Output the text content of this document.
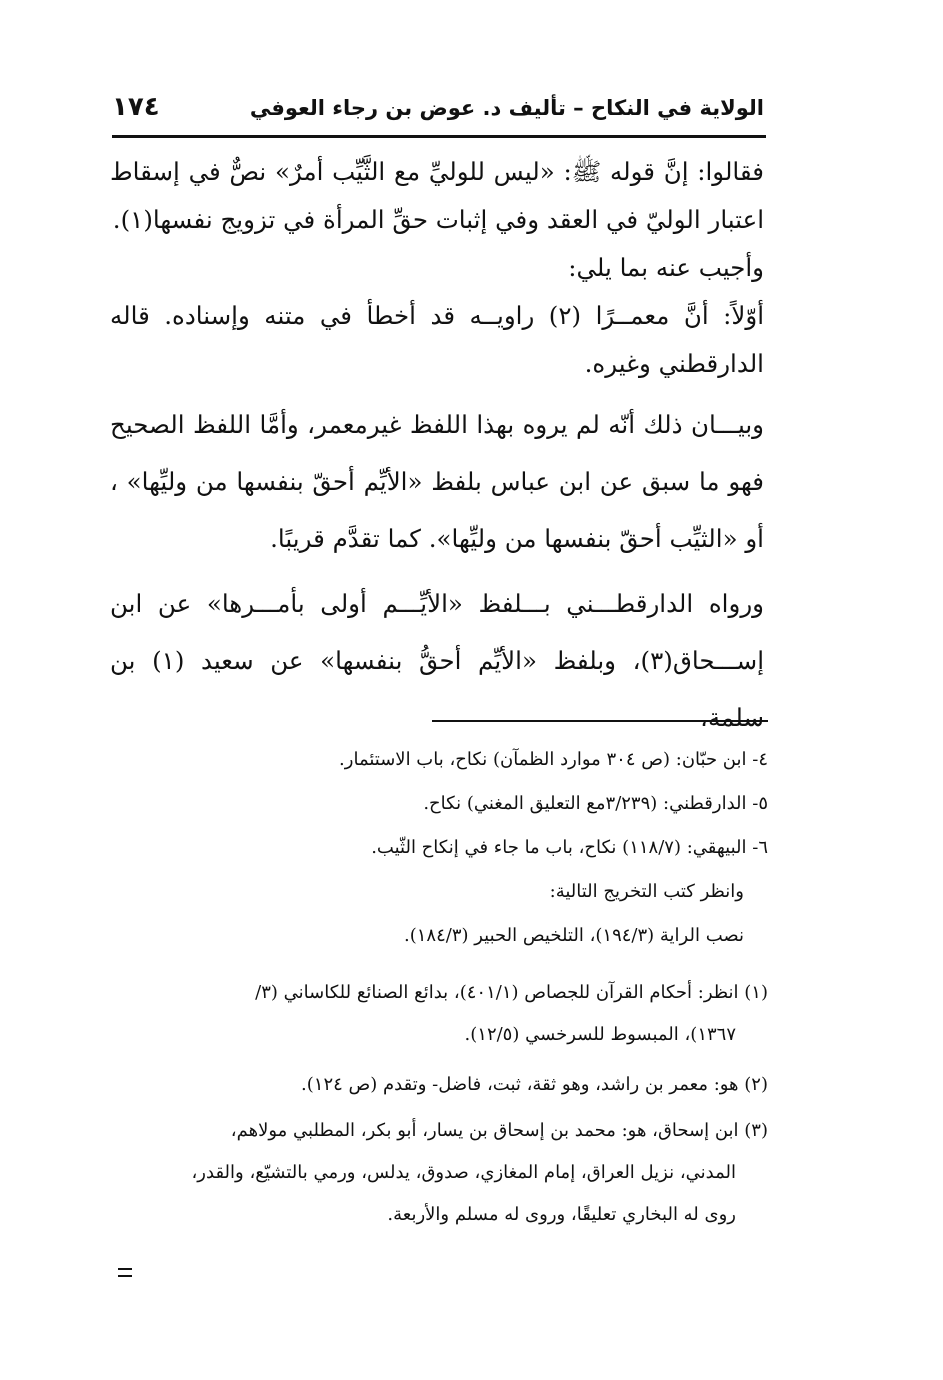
الولاية في النكاح – تأليف د. عوض بن رجاء العوفي
١٧٤

فقالوا: إنَّ قوله ﷺ: «ليس للوليِّ مع الثَّيِّب أمرٌ» نصٌّ في إسقاط اعتبار الوليّ في العقد وفي إثبات حقِّ المرأة في تزويج نفسها(١).

وأجيب عنه بما يلي:

أوّلاً: أنَّ معمــرًا (٢) راويــه قد أخطأ في متنه وإسناده. قاله الدارقطني وغيره.

وبيـــان ذلك أنّه لم يروه بهذا اللفظ غيرمعمر، وأمَّا اللفظ الصحيح فهو ما سبق عن ابن عباس بلفظ «الأيِّم أحقّ بنفسها من وليِّها» ، أو «الثيِّب أحقّ بنفسها من وليِّها». كما تقدَّم قريبًا.

ورواه الدارقطـــني بـــلفظ «الأيِّـــم أولى بأمـــرها» عن ابن إســـحاق(٣)، وبلفظ «الأيِّم أحقُّ بنفسها» عن سعيد (١) بن سلمة،

٤- ابن حبّان: (ص ٣٠٤ موارد الظمآن) نكاح، باب الاستئمار.

٥- الدارقطني: (٣/٢٣٩مع التعليق المغني) نكاح.

٦- البيهقي: (١١٨/٧) نكاح، باب ما جاء في إنكاح الثّيب.

وانظر كتب التخريج التالية:

نصب الراية (١٩٤/٣)، التلخيص الحبير (١٨٤/٣).

(١) انظر: أحكام القرآن للجصاص (٤٠١/١)، بدائع الصنائع للكاساني (٣/

١٣٦٧)، المبسوط للسرخسي (١٢/٥).

(٢) هو: معمر بن راشد، وهو ثقة، ثبت، فاضل- وتقدم (ص ١٢٤).

(٣) ابن إسحاق، هو: محمد بن إسحاق بن يسار، أبو بكر، المطلبي مولاهم،

المدني، نزيل العراق، إمام المغازي، صدوق، يدلس، ورمي بالتشيّع، والقدر،

روى له البخاري تعليقًا، وروى له مسلم والأربعة.
